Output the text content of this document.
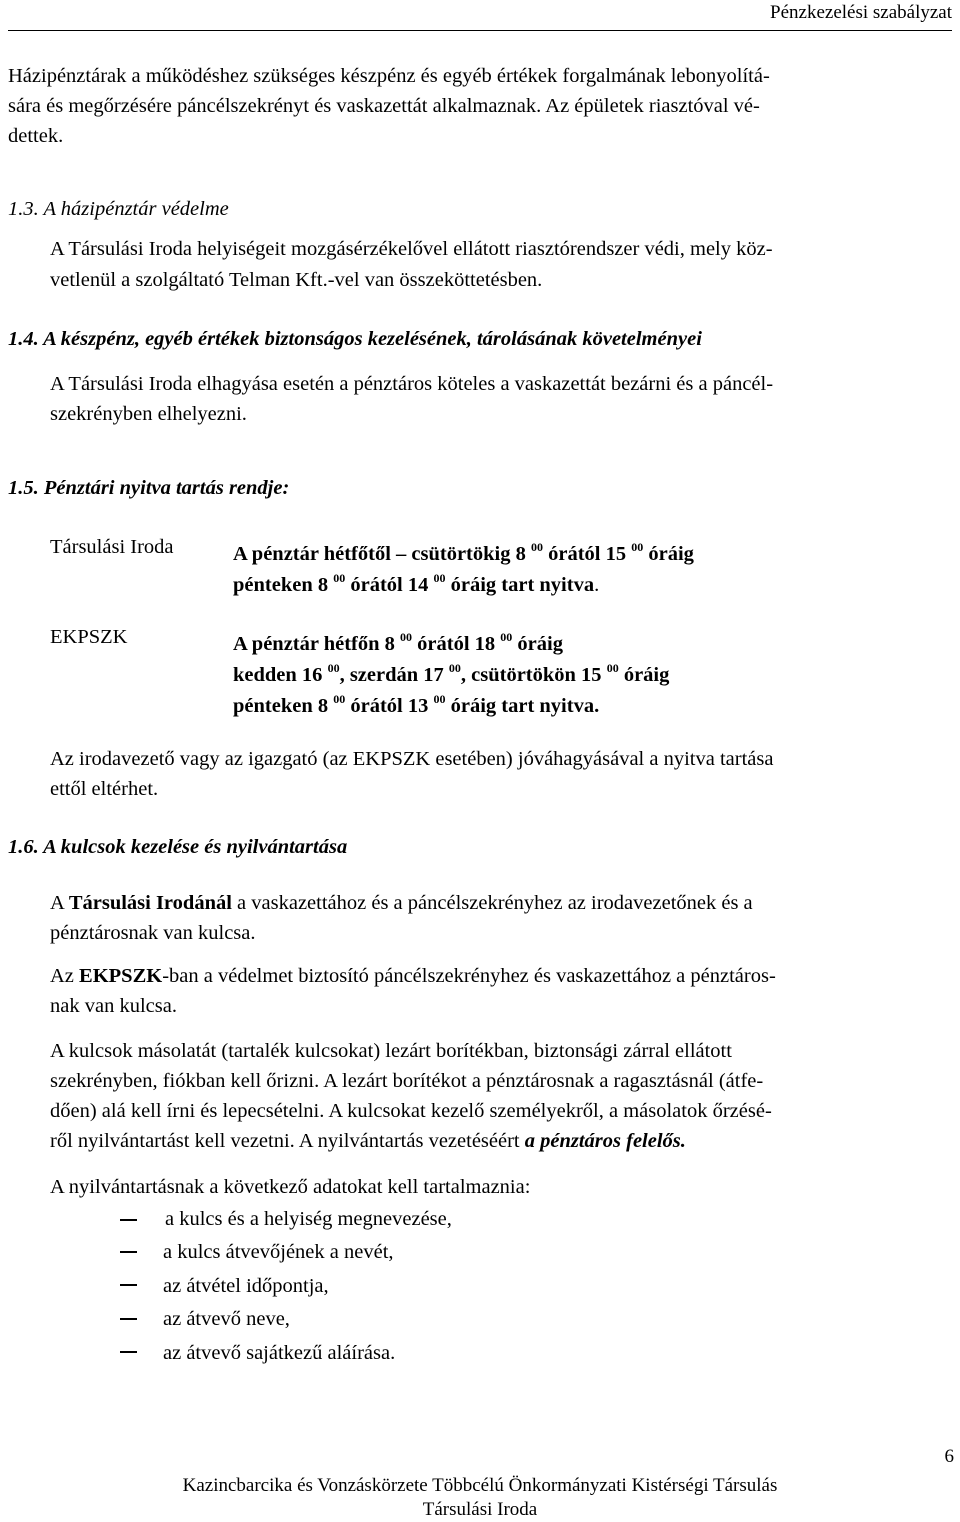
Pénzkezelési szabályzat
Házipénztárak a működéshez szükséges készpénz és egyéb értékek forgalmának lebonyolítá-
sára és megőrzésére páncélszekrényt és vaskazettát alkalmaznak. Az épületek riasztóval vé-
dettek.
1.3. A házipénztár védelme
A Társulási Iroda helyiségeit mozgásérzékelővel ellátott riasztórendszer védi, mely köz-
vetlenül a szolgáltató Telman Kft.-vel van összeköttetésben.
1.4. A készpénz, egyéb értékek biztonságos kezelésének, tárolásának követelményei
A Társulási Iroda elhagyása esetén a pénztáros köteles a vaskazettát bezárni és a páncél-
szekrényben elhelyezni.
1.5. Pénztári nyitva tartás rendje:
Társulási Iroda	A pénztár hétfőtől – csütörtökig 8 $^{00}$ órától 15 $^{00}$ óráig
pénteken 8 $^{00}$ órától 14 $^{00}$ óráig tart nyitva.
EKPSZK	A pénztár hétfőn 8 $^{00}$ órától 18 $^{00}$ óráig
kedden 16 $^{00}$, szerdán 17 $^{00}$, csütörtökön 15 $^{00}$ óráig
pénteken 8 $^{00}$ órától 13 $^{00}$ óráig tart nyitva.
Az irodavezető vagy az igazgató (az EKPSZK esetében) jóváhagyásával a nyitva tartása
ettől eltérhet.
1.6. A kulcsok kezelése és nyilvántartása
A Társulási Irodánál a vaskazettához és a páncélszekrényhez az irodavezetőnek és a
pénztárosnak van kulcsa.
Az EKPSZK-ban a védelmet biztosító páncélszekrényhez és vaskazettához a pénztáros-
nak van kulcsa.
A kulcsok másolatát (tartalék kulcsokat) lezárt borítékban, biztonsági zárral ellátott
szekrényben, fiókban kell őrizni. A lezárt borítékot a pénztárosnak a ragasztásnál (átfe-
dően) alá kell írni és lepecsételni. A kulcsokat kezelő személyekről, a másolatok őrzésé-
ről nyilvántartást kell vezetni. A nyilvántartás vezetéséért a pénztáros felelős.
A nyilvántartásnak a következő adatokat kell tartalmaznia:
a kulcs és a helyiség megnevezése,
a kulcs átvevőjének a nevét,
az átvétel időpontja,
az átvevő neve,
az átvevő sajátkezű aláírása.
6
Kazincbarcika és Vonzáskörzete Többcélú Önkormányzati Kistérségi Társulás
Társulási Iroda
